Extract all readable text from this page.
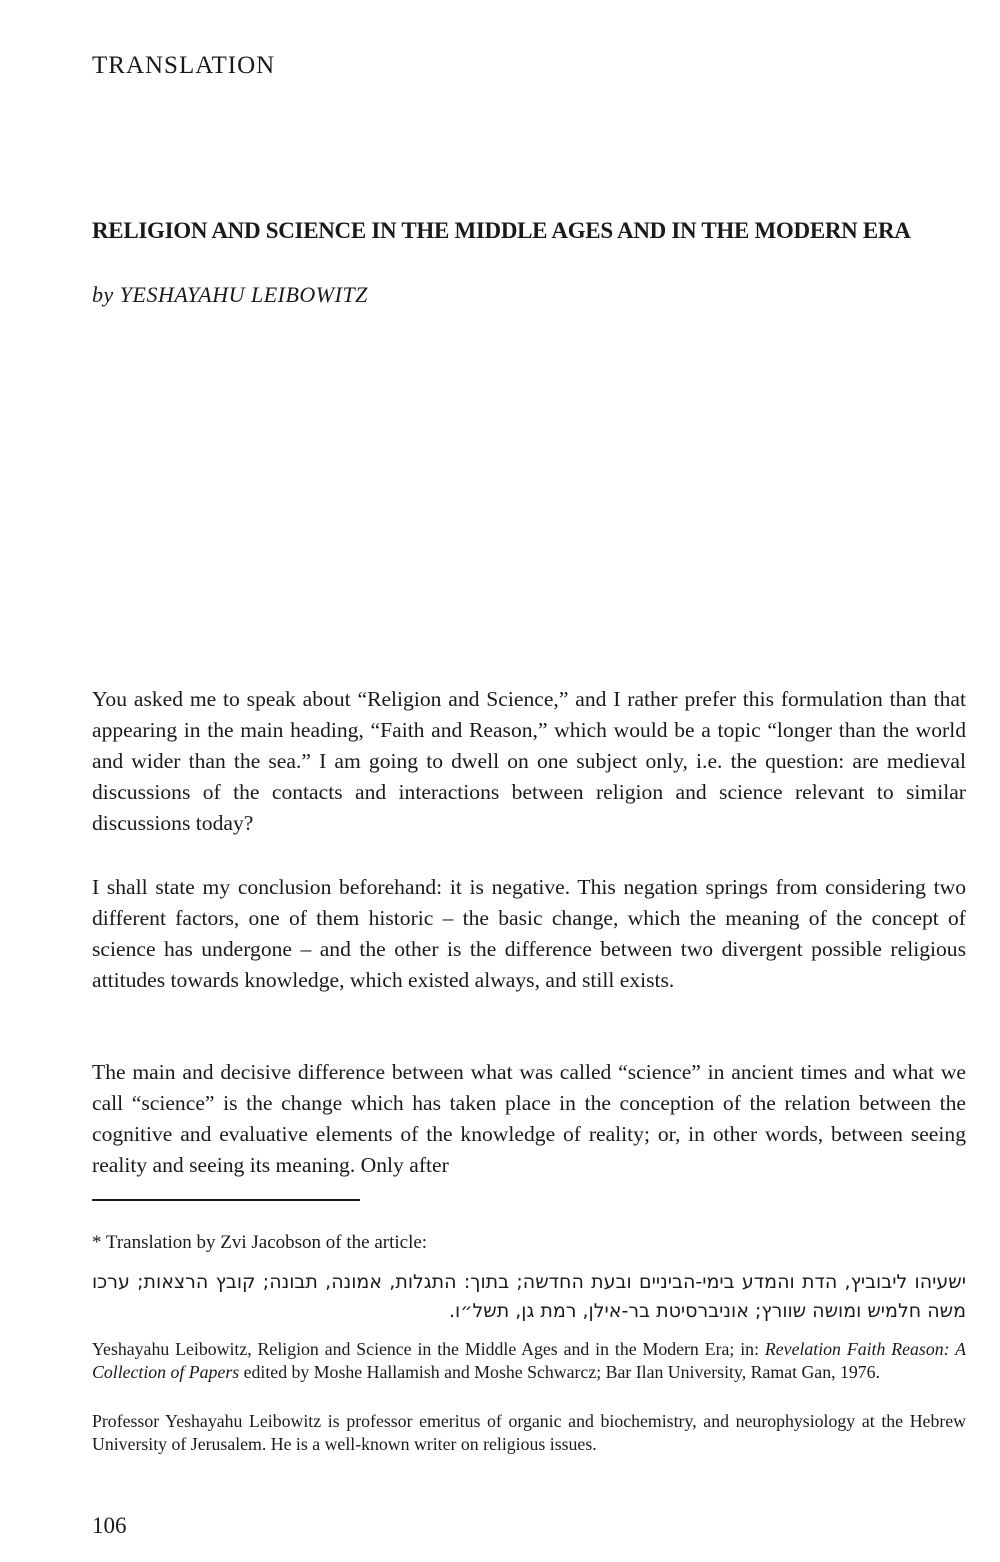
TRANSLATION
RELIGION AND SCIENCE IN THE MIDDLE AGES AND IN THE MODERN ERA
by YESHAYAHU LEIBOWITZ

You asked me to speak about “Religion and Science,” and I rather prefer this formulation than that appearing in the main heading, “Faith and Reason,” which would be a topic “longer than the world and wider than the sea.” I am going to dwell on one subject only, i.e. the question: are medieval discussions of the contacts and interactions between religion and science relevant to similar discussions today?

I shall state my conclusion beforehand: it is negative. This negation springs from considering two different factors, one of them historic – the basic change, which the meaning of the concept of science has undergone – and the other is the difference between two divergent possible religious attitudes towards knowledge, which existed always, and still exists.

The main and decisive difference between what was called “science” in ancient times and what we call “science” is the change which has taken place in the conception of the relation between the cognitive and evaluative elements of the knowledge of reality; or, in other words, between seeing reality and seeing its meaning. Only after

* Translation by Zvi Jacobson of the article:

ישעיהו ליבוביץ, הדת והמדע בימי-הביניים ובעת החדשה; בתוך: התגלות, אמונה, תבונה; קובץ הרצאות; ערכו משה חלמיש ומושה שוורץ; אוניברסיטת בר-אילן, רמת גן, תשל״ו.

Yeshayahu Leibowitz, Religion and Science in the Middle Ages and in the Modern Era; in: Revelation Faith Reason: A Collection of Papers edited by Moshe Hallamish and Moshe Schwarcz; Bar Ilan University, Ramat Gan, 1976.

Professor Yeshayahu Leibowitz is professor emeritus of organic and biochemistry, and neurophysiology at the Hebrew University of Jerusalem. He is a well-known writer on religious issues.

106
